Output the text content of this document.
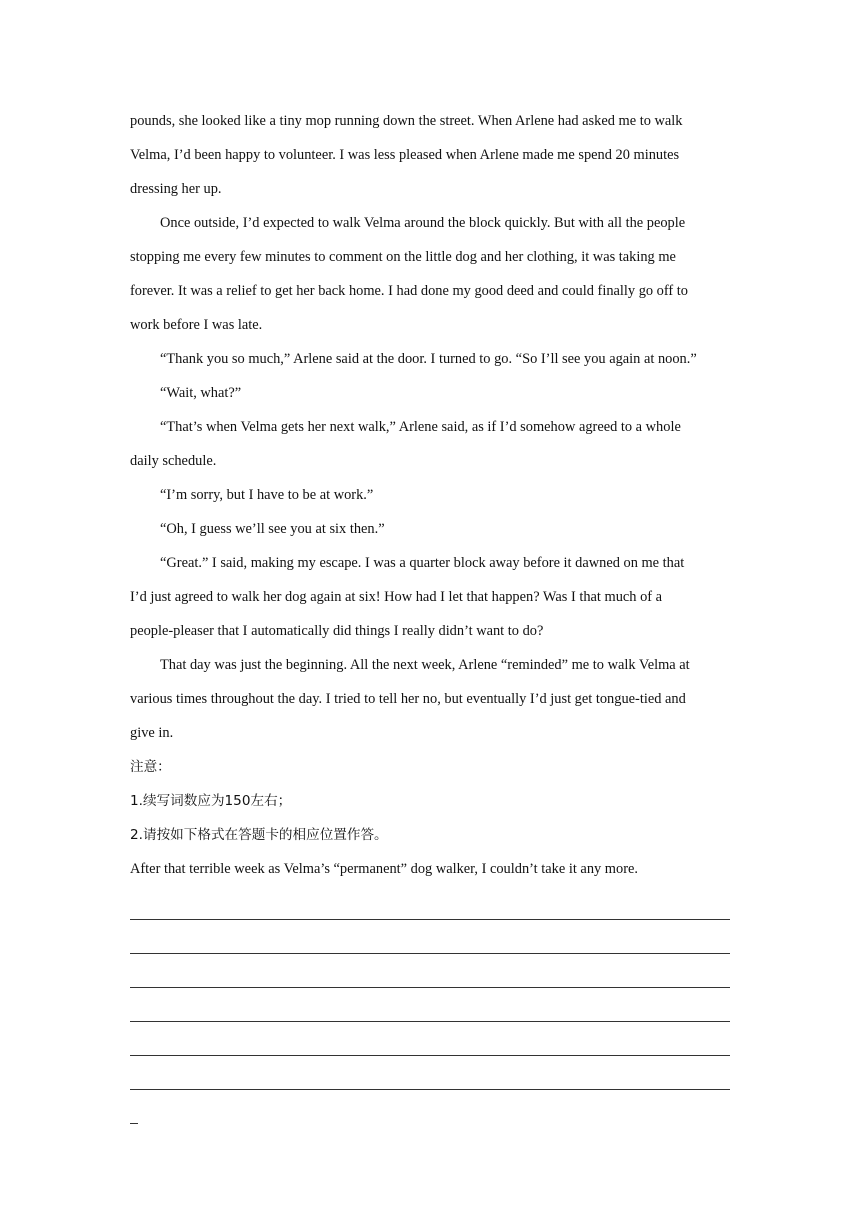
pounds, she looked like a tiny mop running down the street. When Arlene had asked me to walk
Velma, I’d been happy to volunteer. I was less pleased when Arlene made me spend 20 minutes
dressing her up.
Once outside, I’d expected to walk Velma around the block quickly. But with all the people
stopping me every few minutes to comment on the little dog and her clothing, it was taking me
forever. It was a relief to get her back home. I had done my good deed and could finally go off to
work before I was late.
“Thank you so much,” Arlene said at the door. I turned to go. “So I’ll see you again at noon.”
“Wait, what?”
“That’s when Velma gets her next walk,” Arlene said, as if I’d somehow agreed to a whole
daily schedule.
“I’m sorry, but I have to be at work.”
“Oh, I guess we’ll see you at six then.”
“Great.” I said, making my escape. I was a quarter block away before it dawned on me that
I’d just agreed to walk her dog again at six! How had I let that happen? Was I that much of a
people-pleaser that I automatically did things I really didn’t want to do?
That day was just the beginning. All the next week, Arlene “reminded” me to walk Velma at
various times throughout the day. I tried to tell her no, but eventually I’d just get tongue-tied and
give in.
注意：
1.续写词数应为150左右；
2.请按如下格式在答题卡的相应位置作答。
After that terrible week as Velma’s “permanent” dog walker, I couldn’t take it any more.
